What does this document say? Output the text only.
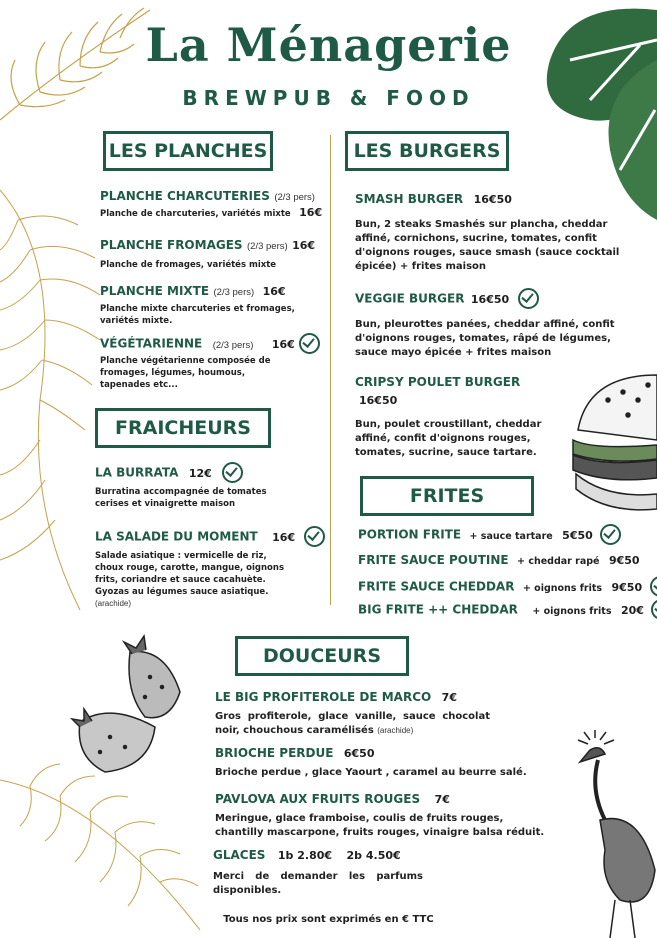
La Ménagerie
BREWPUB & FOOD
LES PLANCHES
PLANCHE CHARCUTERIES (2/3 pers)
Planche de charcuteries, variétés mixte 16€
PLANCHE FROMAGES (2/3 pers) 16€
Planche de fromages, variétés mixte
PLANCHE MIXTE (2/3 pers) 16€
Planche mixte charcuteries et fromages, variétés mixte.
VÉGÉTARIENNE (2/3 pers) 16€
Planche végétarienne composée de fromages, légumes, houmous, tapenades etc...
FRAICHEURS
LA BURRATA 12€
Burratina accompagnée de tomates cerises et vinaigrette maison
LA SALADE DU MOMENT 16€
Salade asiatique : vermicelle de riz, choux rouge, carotte, mangue, oignons frits, coriandre et sauce cacahuète. Gyozas au légumes sauce asiatique. (arachide)
LES BURGERS
SMASH BURGER 16€50
Bun, 2 steaks Smashés sur plancha, cheddar affiné, cornichons, sucrine, tomates, confit d'oignons rouges, sauce smash (sauce cocktail épicée) + frites maison
VEGGIE BURGER 16€50
Bun, pleurottes panées, cheddar affiné, confit d'oignons rouges, tomates, râpé de légumes, sauce mayo épicée + frites maison
CRIPSY POULET BURGER 16€50
Bun, poulet croustillant, cheddar affiné, confit d'oignons rouges, tomates, sucrine, sauce tartare.
FRITES
PORTION FRITE + sauce tartare 5€50
FRITE SAUCE POUTINE + cheddar rapé 9€50
FRITE SAUCE CHEDDAR + oignons frits 9€50
BIG FRITE ++ CHEDDAR + oignons frits 20€
DOUCEURS
LE BIG PROFITEROLE DE MARCO 7€
Gros profiterole, glace vanille, sauce chocolat noir, chouchous caramélisés (arachide)
BRIOCHE PERDUE 6€50
Brioche perdue , glace Yaourt , caramel au beurre salé.
PAVLOVA AUX FRUITS ROUGES 7€
Meringue, glace framboise, coulis de fruits rouges, chantilly mascarpone, fruits rouges, vinaigre balsa réduit.
GLACES 1b 2.80€ 2b 4.50€
Merci de demander les parfums disponibles.
Tous nos prix sont exprimés en € TTC
